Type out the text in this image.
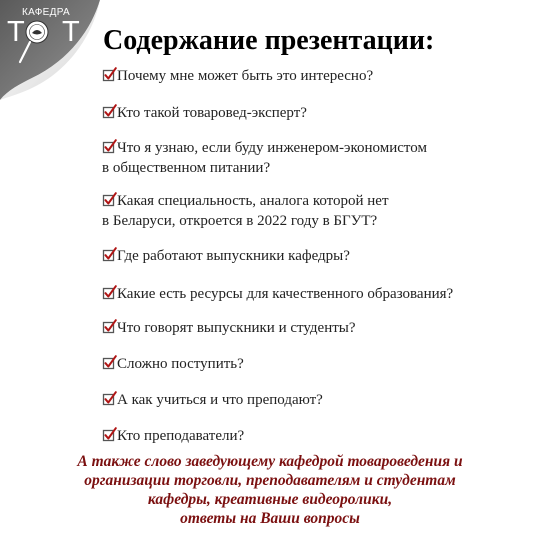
КАФЕДРА
Т Т Содержание презентации:
Почему мне может быть это интересно?
Кто такой товаровед-эксперт?
Что я узнаю, если буду инженером-экономистом
в общественном питании?
Какая специальность, аналога которой нет
в Беларуси, откроется в 2022 году в БГУТ?
Где работают выпускники кафедры?
Какие есть ресурсы для качественного образования?
Что говорят выпускники и студенты?
Сложно поступить?
А как учиться и что преподают?
Кто преподаватели?

А также слово заведующему кафедрой товароведения и
организации торговли, преподавателям и студентам
кафедры, креативные видеоролики,
ответы на Ваши вопросы
